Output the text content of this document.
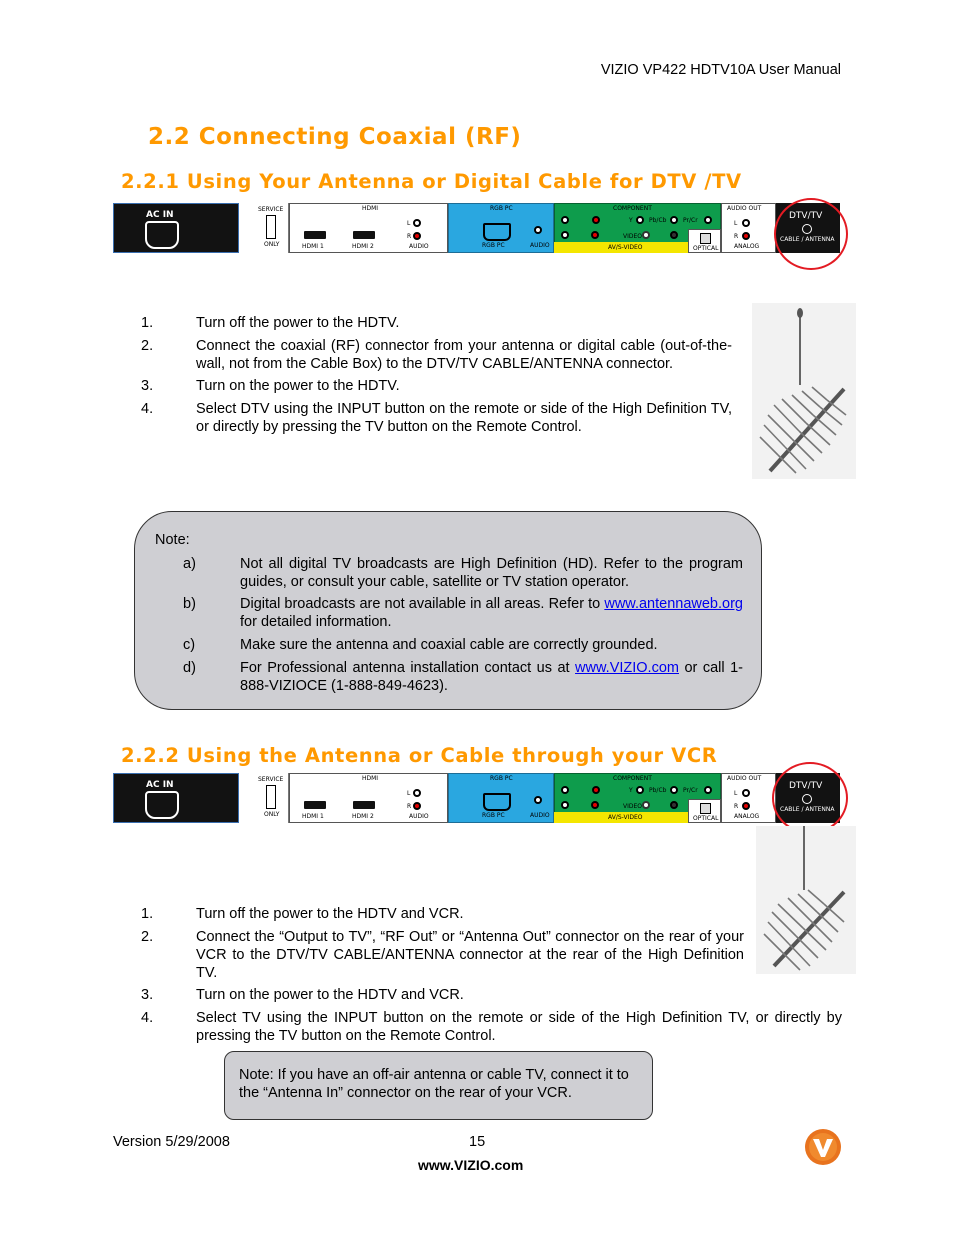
VIZIO VP422 HDTV10A User Manual
2.2 Connecting Coaxial (RF)
2.2.1 Using Your Antenna or Digital Cable for DTV /TV
AC IN
SERVICE
ONLY
HDMI
HDMI 1	HDMI 2
L
R
AUDIO
RGB PC
RGB PC	AUDIO
COMPONENT
Y	Pb/Cb	Pr/Cr
VIDEO
AV/S-VIDEO	OPTICAL
AUDIO OUT
L
R
ANALOG
DTV/TV
CABLE / ANTENNA
1.	Turn off the power to the HDTV.
2.	Connect the coaxial (RF) connector from your antenna or digital cable (out-of-the-wall, not from the Cable Box) to the DTV/TV CABLE/ANTENNA connector.
3.	Turn on the power to the HDTV.
4.	Select DTV using the INPUT button on the remote or side of the High Definition TV, or directly by pressing the TV button on the Remote Control.
Note:
a)	Not all digital TV broadcasts are High Definition (HD). Refer to the program guides, or consult your cable, satellite or TV station operator.
b)	Digital broadcasts are not available in all areas. Refer to www.antennaweb.org for detailed information.
c)	Make sure the antenna and coaxial cable are correctly grounded.
d)	For Professional antenna installation contact us at www.VIZIO.com or call 1-888-VIZIOCE (1-888-849-4623).
2.2.2 Using the Antenna or Cable through your VCR
AC IN
SERVICE
ONLY
HDMI
HDMI 1	HDMI 2
L
R
AUDIO
RGB PC
RGB PC	AUDIO
COMPONENT
Y	Pb/Cb	Pr/Cr
VIDEO
AV/S-VIDEO	OPTICAL
AUDIO OUT
L
R
ANALOG
DTV/TV
CABLE / ANTENNA
1.	Turn off the power to the HDTV and VCR.
2.	Connect the “Output to TV”, “RF Out” or “Antenna Out” connector on the rear of your VCR to the DTV/TV CABLE/ANTENNA connector at the rear of the High Definition TV.
3.	Turn on the power to the HDTV and VCR.
4.	Select TV using the INPUT button on the remote or side of the High Definition TV, or directly by pressing the TV button on the Remote Control.
Note: If you have an off-air antenna or cable TV, connect it to the “Antenna In” connector on the rear of your VCR.
Version 5/29/2008	15
www.VIZIO.com
